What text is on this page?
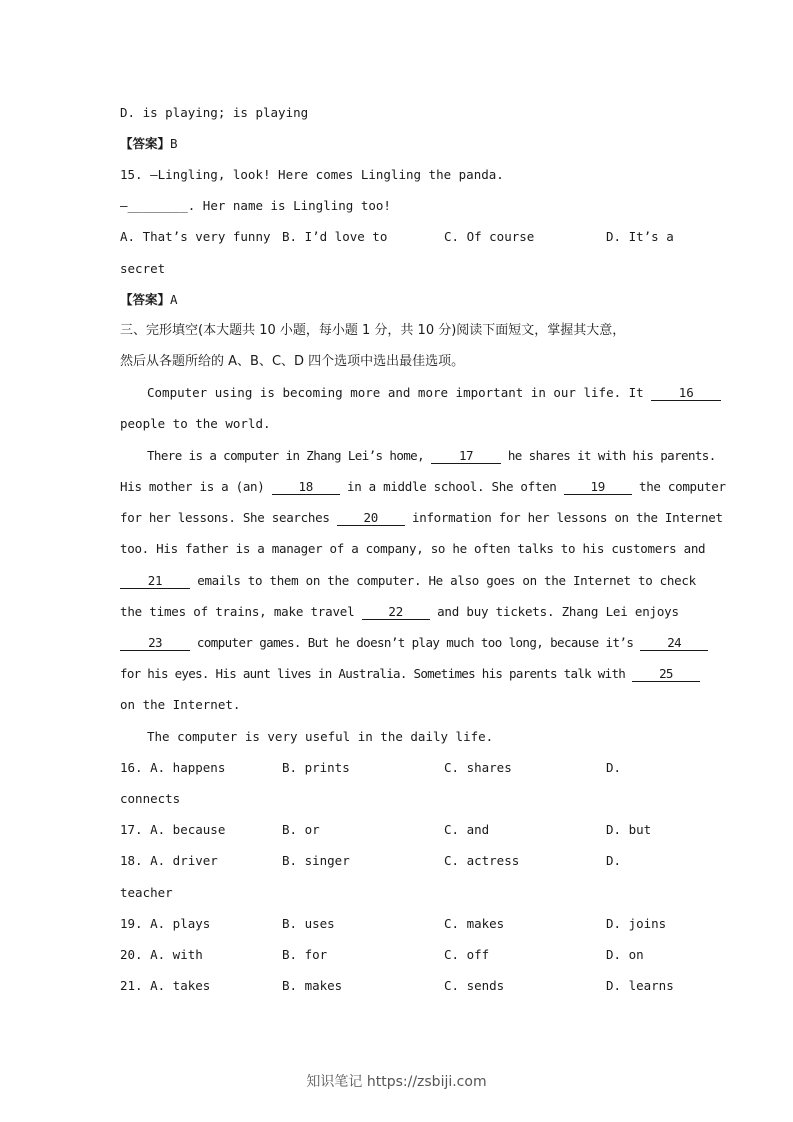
D. is playing; is playing
【答案】B
15. —Lingling, look! Here comes Lingling the panda.
—________. Her name is Lingling too!
A. That’s very funny B. I’d love to	C. Of course	D. It’s a
secret
【答案】A
三、完形填空(本大题共 10 小题，每小题 1 分，共 10 分)阅读下面短文，掌握其大意，
然后从各题所给的 A、B、C、D 四个选项中选出最佳选项。
Computer using is becoming more and more important in our life. It 16
people to the world.
There is a computer in Zhang Lei’s home, 17 he shares it with his parents.
His mother is a (an) 18 in a middle school. She often 19 the computer
for her lessons. She searches 20 information for her lessons on the Internet
too. His father is a manager of a company, so he often talks to his customers and
21 emails to them on the computer. He also goes on the Internet to check
the times of trains, make travel 22 and buy tickets. Zhang Lei enjoys
23 computer games. But he doesn’t play much too long, because it’s 24
for his eyes. His aunt lives in Australia. Sometimes his parents talk with 25
on the Internet.
The computer is very useful in the daily life.
16. A. happens	B. prints	C. shares	D.
connects
17. A. because	B. or	C. and	D. but
18. A. driver	B. singer	C. actress	D.
teacher
19. A. plays	B. uses	C. makes	D. joins
20. A. with	B. for	C. off	D. on
21. A. takes	B. makes	C. sends	D. learns
知识笔记 https://zsbiji.com
